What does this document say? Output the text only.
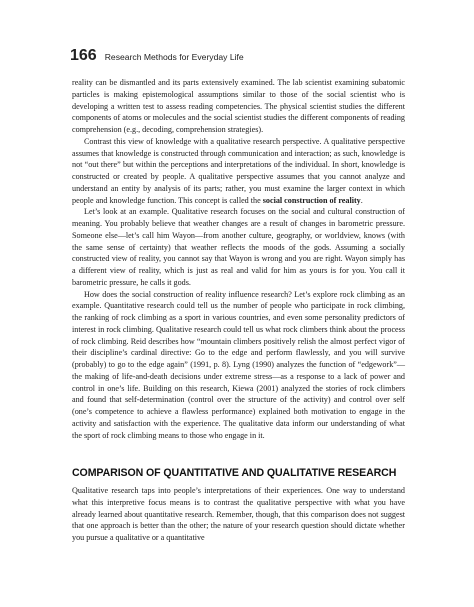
166 Research Methods for Everyday Life

reality can be dismantled and its parts extensively examined. The lab scientist examining subatomic particles is making epistemological assumptions similar to those of the social scientist who is developing a written test to assess reading competencies. The physical scientist studies the different components of atoms or molecules and the social scientist studies the different components of reading comprehension (e.g., decoding, comprehension strategies).

Contrast this view of knowledge with a qualitative research perspective. A qualitative perspective assumes that knowledge is constructed through communication and interaction; as such, knowledge is not “out there” but within the perceptions and interpretations of the individual. In short, knowledge is constructed or created by people. A qualitative perspective assumes that you cannot analyze and understand an entity by analysis of its parts; rather, you must examine the larger context in which people and knowledge function. This concept is called the social construction of reality.

Let’s look at an example. Qualitative research focuses on the social and cultural construction of meaning. You probably believe that weather changes are a result of changes in barometric pressure. Someone else—let’s call him Wayon—from another culture, geography, or worldview, knows (with the same sense of certainty) that weather reflects the moods of the gods. Assuming a socially constructed view of reality, you cannot say that Wayon is wrong and you are right. Wayon simply has a different view of reality, which is just as real and valid for him as yours is for you. You call it barometric pressure, he calls it gods.

How does the social construction of reality influence research? Let’s explore rock climbing as an example. Quantitative research could tell us the number of people who participate in rock climbing, the ranking of rock climbing as a sport in various countries, and even some personality predictors of interest in rock climbing. Qualitative research could tell us what rock climbers think about the process of rock climbing. Reid describes how “mountain climbers positively relish the almost perfect vigor of their discipline’s cardinal directive: Go to the edge and perform flawlessly, and you will survive (probably) to go to the edge again” (1991, p. 8). Lyng (1990) analyzes the function of “edgework”—the making of life-and-death decisions under extreme stress—as a response to a lack of power and control in one’s life. Building on this research, Kiewa (2001) analyzed the stories of rock climbers and found that self-determination (control over the structure of the activity) and control over self (one’s competence to achieve a flawless performance) explained both motivation to engage in the activity and satisfaction with the experience. The qualitative data inform our understanding of what the sport of rock climbing means to those who engage in it.

COMPARISON OF QUANTITATIVE AND QUALITATIVE RESEARCH

Qualitative research taps into people’s interpretations of their experiences. One way to understand what this interpretive focus means is to contrast the qualitative perspective with what you have already learned about quantitative research. Remember, though, that this comparison does not suggest that one approach is better than the other; the nature of your research question should dictate whether you pursue a qualitative or a quantitative
